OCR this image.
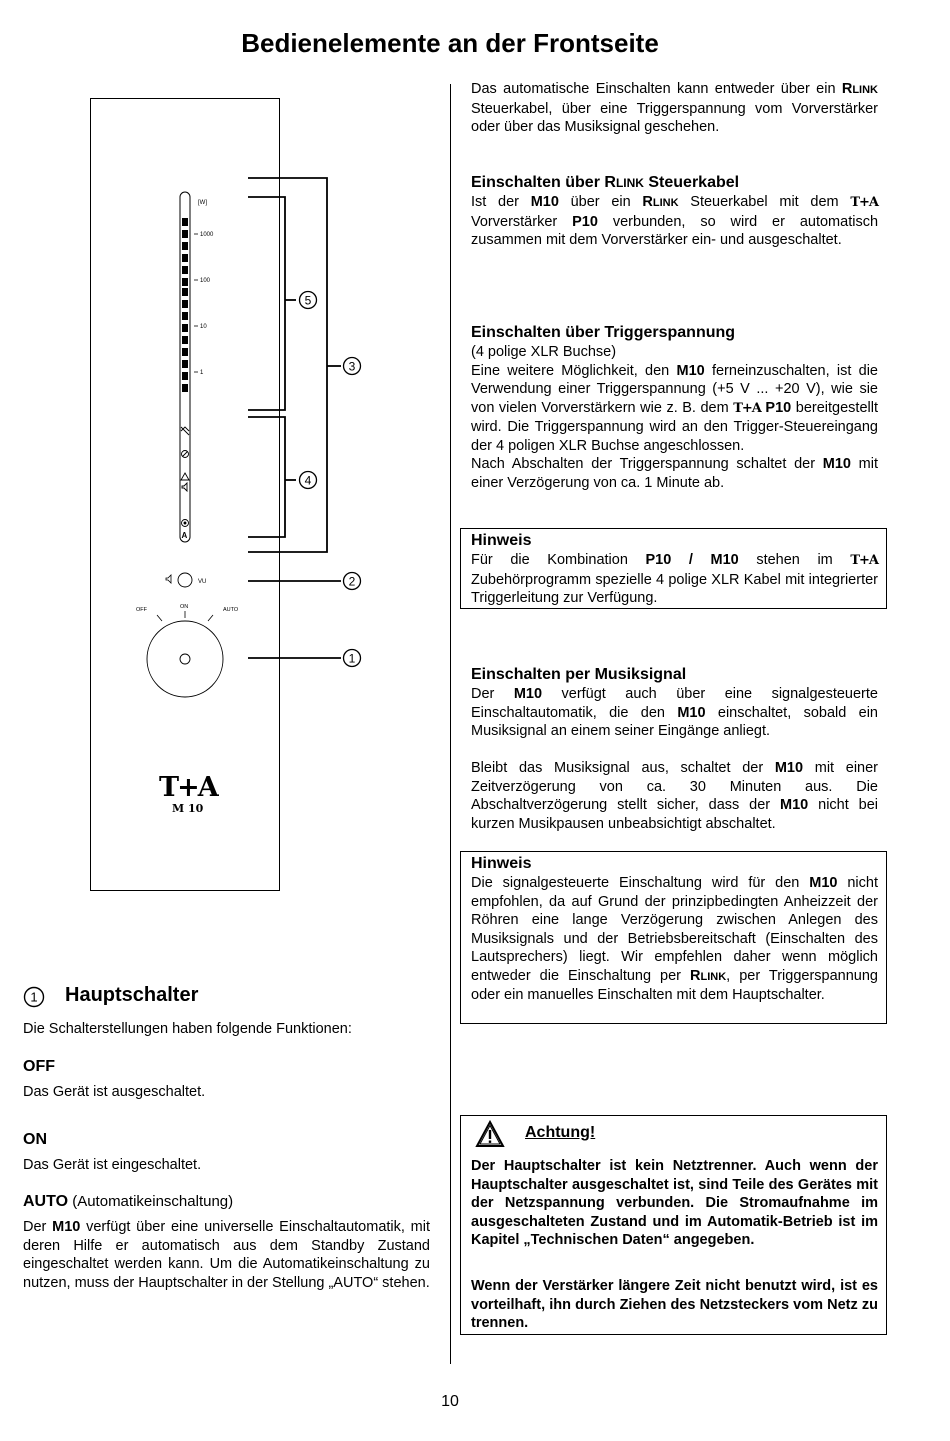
Bedienelemente an der Frontseite
[W]
1000
100
10
1
A
VU
OFF	ON	AUTO
T+A
M 10
5
3
4
2
1

Das automatische Einschalten kann entweder über ein RLINK Steuerkabel, über eine Triggerspannung vom Vorverstärker oder über das Musiksignal geschehen.

Einschalten über RLINK Steuerkabel

Ist der M10 über ein RLINK Steuerkabel mit dem T+A Vorverstärker P10 verbunden, so wird er automatisch zusammen mit dem Vorverstärker ein- und ausgeschaltet.

Einschalten über Triggerspannung

(4 polige XLR Buchse)
Eine weitere Möglichkeit, den M10 ferneinzuschalten, ist die Verwendung einer Triggerspannung (+5 V ... +20 V), wie sie von vielen Vorverstärkern wie z. B. dem T+A P10 bereitgestellt wird. Die Triggerspannung wird an den Trigger-Steuereingang der 4 poligen XLR Buchse angeschlossen.
Nach Abschalten der Triggerspannung schaltet der M10 mit einer Verzögerung von ca. 1 Minute ab.

Hinweis
Für die Kombination P10 / M10 stehen im T+A Zubehörprogramm spezielle 4 polige XLR Kabel mit integrierter Triggerleitung zur Verfügung.
Einschalten per Musiksignal

Der M10 verfügt auch über eine signalgesteuerte Einschaltautomatik, die den M10 einschaltet, sobald ein Musiksignal an einem seiner Eingänge anliegt.

Bleibt das Musiksignal aus, schaltet der M10 mit einer Zeitverzögerung von ca. 30 Minuten aus. Die Abschaltverzögerung stellt sicher, dass der M10 nicht bei kurzen Musikpausen unbeabsichtigt abschaltet.

Hinweis
Die signalgesteuerte Einschaltung wird für den M10 nicht empfohlen, da auf Grund der prinzipbedingten Anheizzeit der Röhren eine lange Verzögerung zwischen Anlegen des Musiksignals und der Betriebsbereitschaft (Einschalten des Lautsprechers) liegt. Wir empfehlen daher wenn möglich entweder die Einschaltung per RLINK, per Triggerspannung oder ein manuelles Einschalten mit dem Hauptschalter.
Achtung!
Der Hauptschalter ist kein Netztrenner. Auch wenn der Hauptschalter ausgeschaltet ist, sind Teile des Gerätes mit der Netzspannung verbunden. Die Stromaufnahme im ausgeschalteten Zustand und im Automatik-Betrieb ist im Kapitel „Technischen Daten“ angegeben.
Wenn der Verstärker längere Zeit nicht benutzt wird, ist es vorteilhaft, ihn durch Ziehen des Netzsteckers vom Netz zu trennen.
1 Hauptschalter

Die Schalterstellungen haben folgende Funktionen:

OFF

Das Gerät ist ausgeschaltet.

ON

Das Gerät ist eingeschaltet.

AUTO (Automatikeinschaltung)

Der M10 verfügt über eine universelle Einschaltautomatik, mit deren Hilfe er automatisch aus dem Standby Zustand eingeschaltet werden kann. Um die Automatikeinschaltung zu nutzen, muss der Hauptschalter in der Stellung „AUTO“ stehen.

10
